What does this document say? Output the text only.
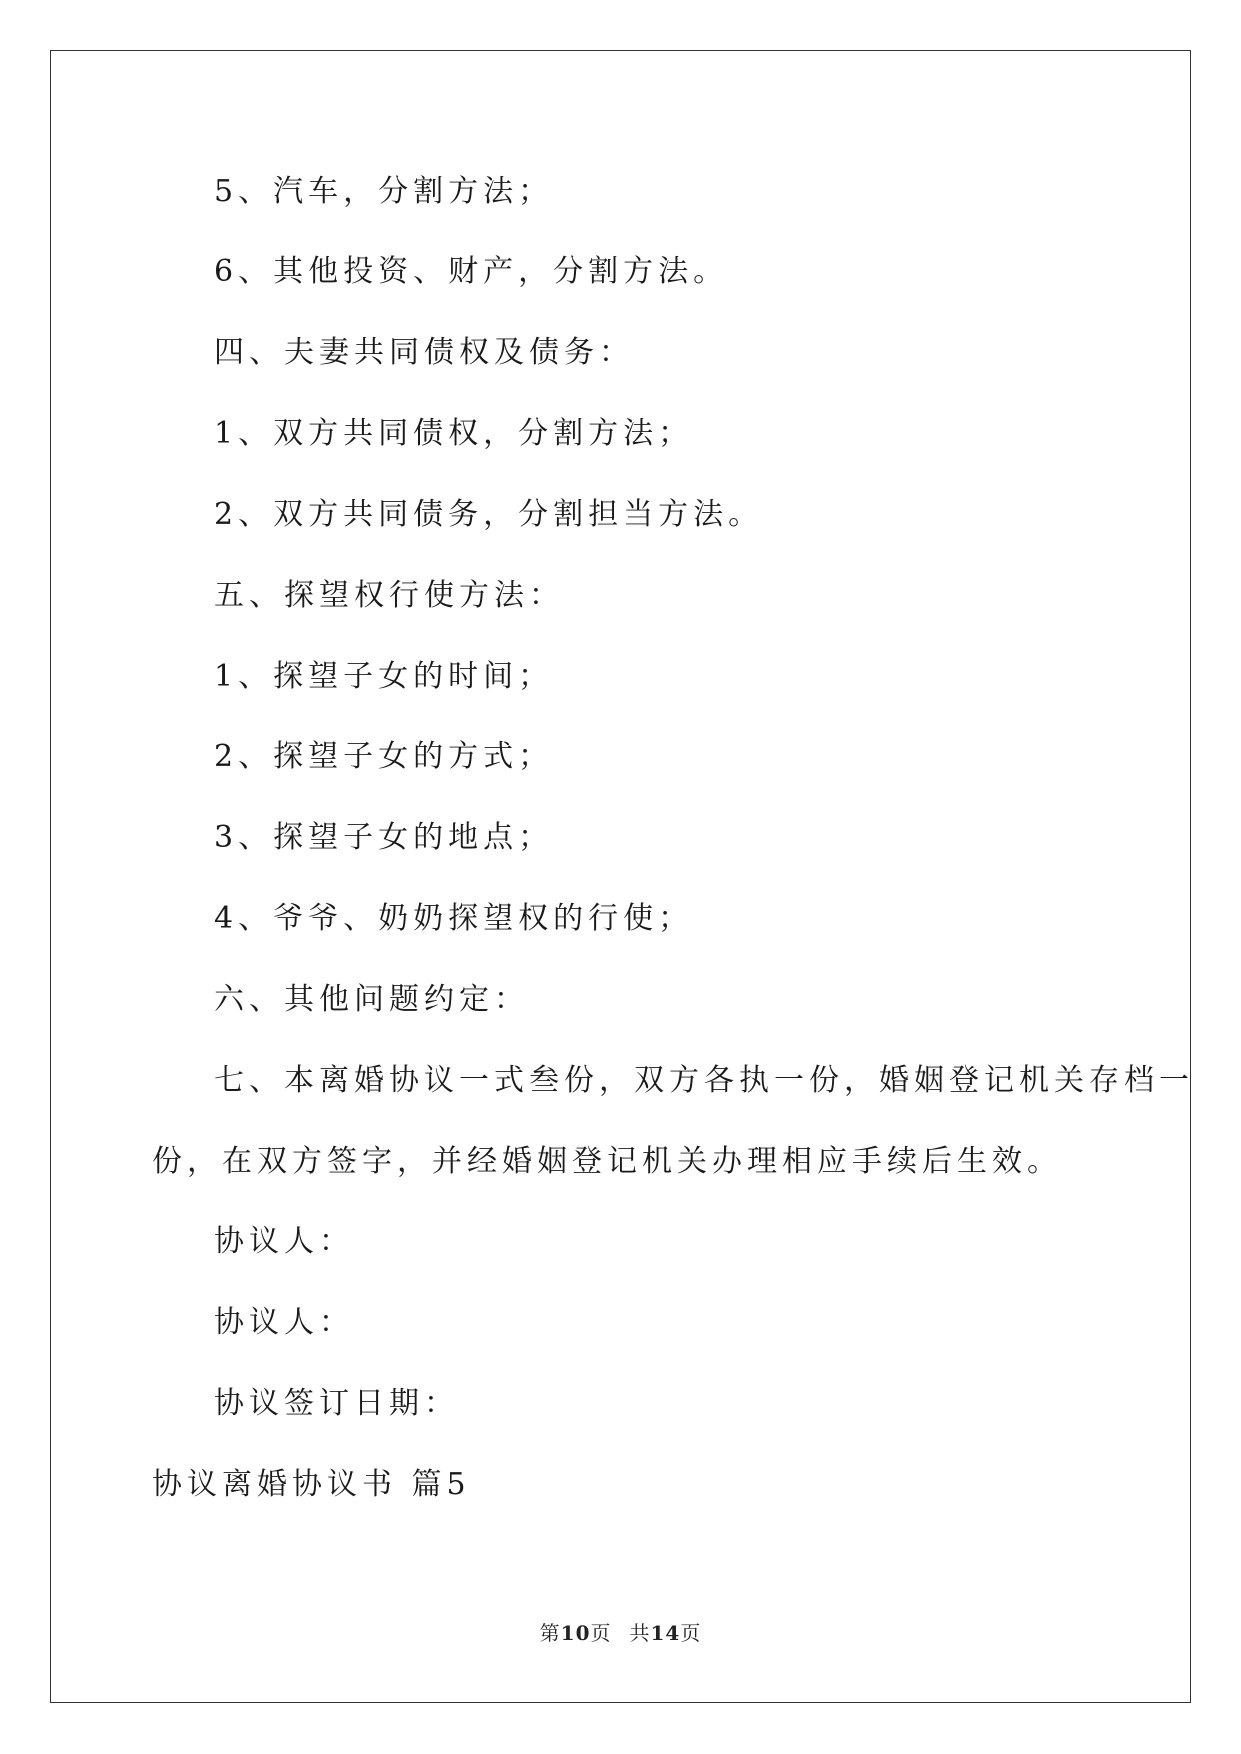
5、汽车，分割方法；
6、其他投资、财产，分割方法。
四、夫妻共同债权及债务：
1、双方共同债权，分割方法；
2、双方共同债务，分割担当方法。
五、探望权行使方法：
1、探望子女的时间；
2、探望子女的方式；
3、探望子女的地点；
4、爷爷、奶奶探望权的行使；
六、其他问题约定：
七、本离婚协议一式叁份，双方各执一份，婚姻登记机关存档一
份，在双方签字，并经婚姻登记机关办理相应手续后生效。
协议人：
协议人：
协议签订日期：
协议离婚协议书 篇5
第10页 共14页
